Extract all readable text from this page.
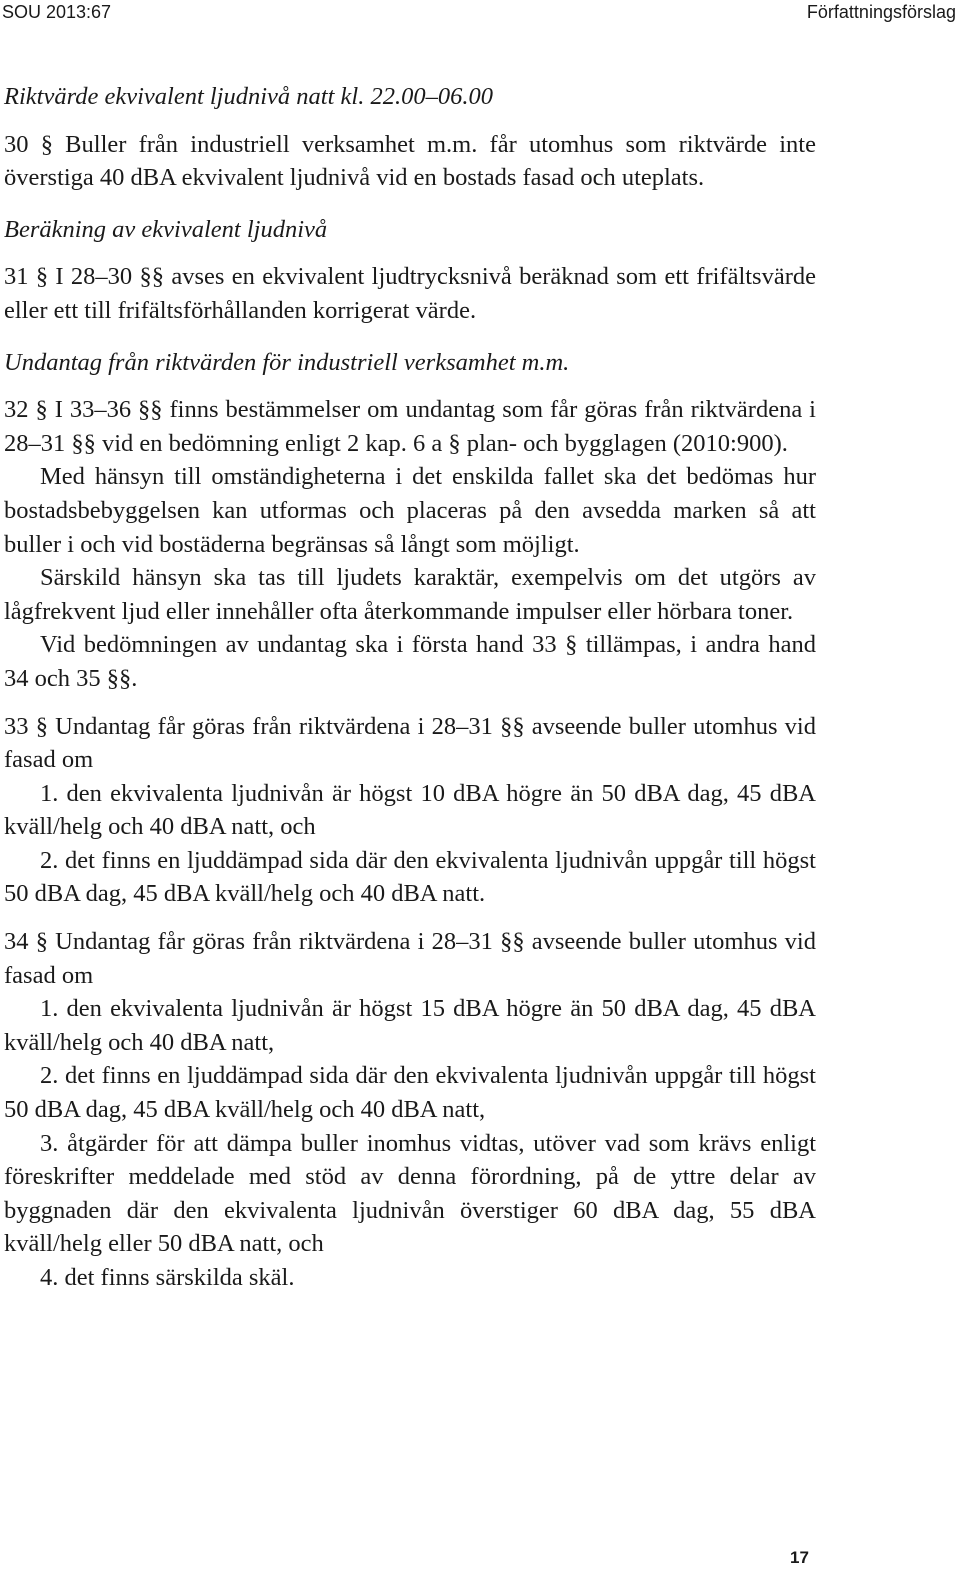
SOU 2013:67	Författningsförslag

Riktvärde ekvivalent ljudnivå natt kl. 22.00–06.00

30 § Buller från industriell verksamhet m.m. får utomhus som riktvärde inte överstiga 40 dBA ekvivalent ljudnivå vid en bostads fasad och uteplats.

Beräkning av ekvivalent ljudnivå

31 § I 28–30 §§ avses en ekvivalent ljudtrycksnivå beräknad som ett frifältsvärde eller ett till frifältsförhållanden korrigerat värde.

Undantag från riktvärden för industriell verksamhet m.m.

32 § I 33–36 §§ finns bestämmelser om undantag som får göras från riktvärdena i 28–31 §§ vid en bedömning enligt 2 kap. 6 a § plan- och bygglagen (2010:900).

Med hänsyn till omständigheterna i det enskilda fallet ska det bedömas hur bostadsbebyggelsen kan utformas och placeras på den avsedda marken så att buller i och vid bostäderna begränsas så långt som möjligt.

Särskild hänsyn ska tas till ljudets karaktär, exempelvis om det utgörs av lågfrekvent ljud eller innehåller ofta återkommande impulser eller hörbara toner.

Vid bedömningen av undantag ska i första hand 33 § tillämpas, i andra hand 34 och 35 §§.

33 § Undantag får göras från riktvärdena i 28–31 §§ avseende buller utomhus vid fasad om

1. den ekvivalenta ljudnivån är högst 10 dBA högre än 50 dBA dag, 45 dBA kväll/helg och 40 dBA natt, och

2. det finns en ljuddämpad sida där den ekvivalenta ljudnivån uppgår till högst 50 dBA dag, 45 dBA kväll/helg och 40 dBA natt.

34 § Undantag får göras från riktvärdena i 28–31 §§ avseende buller utomhus vid fasad om

1. den ekvivalenta ljudnivån är högst 15 dBA högre än 50 dBA dag, 45 dBA kväll/helg och 40 dBA natt,

2. det finns en ljuddämpad sida där den ekvivalenta ljudnivån uppgår till högst 50 dBA dag, 45 dBA kväll/helg och 40 dBA natt,

3. åtgärder för att dämpa buller inomhus vidtas, utöver vad som krävs enligt föreskrifter meddelade med stöd av denna förordning, på de yttre delar av byggnaden där den ekvivalenta ljudnivån överstiger 60 dBA dag, 55 dBA kväll/helg eller 50 dBA natt, och

4. det finns särskilda skäl.

17
